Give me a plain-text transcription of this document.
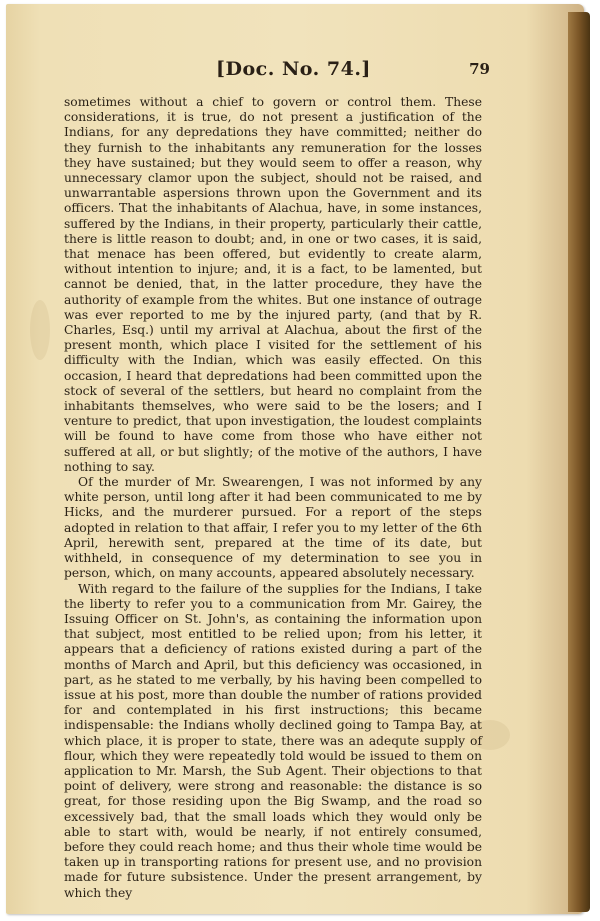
[Doc. No. 74.]	79

sometimes without a chief to govern or control them. These considerations, it is true, do not present a justification of the Indians, for any depredations they have committed; neither do they furnish to the inhabitants any remuneration for the losses they have sustained; but they would seem to offer a reason, why unnecessary clamor upon the subject, should not be raised, and unwarrantable aspersions thrown upon the Government and its officers. That the inhabitants of Alachua, have, in some instances, suffered by the Indians, in their property, particularly their cattle, there is little reason to doubt; and, in one or two cases, it is said, that menace has been offered, but evidently to create alarm, without intention to injure; and, it is a fact, to be lamented, but cannot be denied, that, in the latter procedure, they have the authority of example from the whites. But one instance of outrage was ever reported to me by the injured party, (and that by R. Charles, Esq.) until my arrival at Alachua, about the first of the present month, which place I visited for the settlement of his difficulty with the Indian, which was easily effected. On this occasion, I heard that depredations had been committed upon the stock of several of the settlers, but heard no complaint from the inhabitants themselves, who were said to be the losers; and I venture to predict, that upon investigation, the loudest complaints will be found to have come from those who have either not suffered at all, or but slightly; of the motive of the authors, I have nothing to say.

Of the murder of Mr. Swearengen, I was not informed by any white person, until long after it had been communicated to me by Hicks, and the murderer pursued. For a report of the steps adopted in relation to that affair, I refer you to my letter of the 6th April, herewith sent, prepared at the time of its date, but withheld, in consequence of my determination to see you in person, which, on many accounts, appeared absolutely necessary.

With regard to the failure of the supplies for the Indians, I take the liberty to refer you to a communication from Mr. Gairey, the Issuing Officer on St. John's, as containing the information upon that subject, most entitled to be relied upon; from his letter, it appears that a deficiency of rations existed during a part of the months of March and April, but this deficiency was occasioned, in part, as he stated to me verbally, by his having been compelled to issue at his post, more than double the number of rations provided for and contemplated in his first instructions; this became indispensable: the Indians wholly declined going to Tampa Bay, at which place, it is proper to state, there was an adequte supply of flour, which they were repeatedly told would be issued to them on application to Mr. Marsh, the Sub Agent. Their objections to that point of delivery, were strong and reasonable: the distance is so great, for those residing upon the Big Swamp, and the road so excessively bad, that the small loads which they would only be able to start with, would be nearly, if not entirely consumed, before they could reach home; and thus their whole time would be taken up in transporting rations for present use, and no provision made for future subsistence. Under the present arrangement, by which they
